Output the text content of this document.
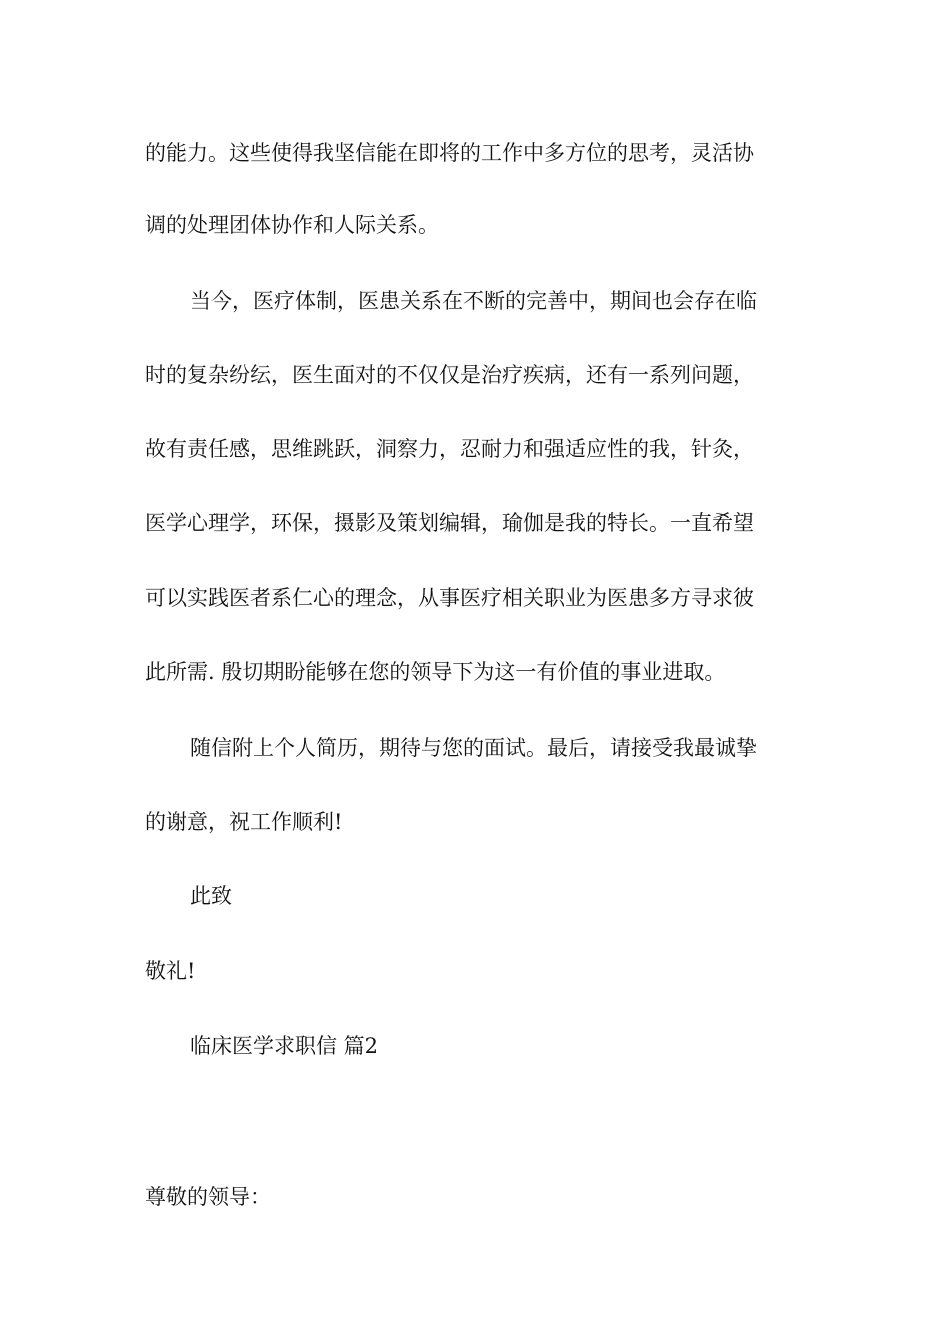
的能力。这些使得我坚信能在即将的工作中多方位的思考，灵活协

调的处理团体协作和人际关系。

当今，医疗体制，医患关系在不断的完善中，期间也会存在临

时的复杂纷纭，医生面对的不仅仅是治疗疾病，还有一系列问题，

故有责任感，思维跳跃，洞察力，忍耐力和强适应性的我，针灸，

医学心理学，环保，摄影及策划编辑，瑜伽是我的特长。一直希望

可以实践医者系仁心的理念，从事医疗相关职业为医患多方寻求彼

此所需. 殷切期盼能够在您的领导下为这一有价值的事业进取。

随信附上个人简历，期待与您的面试。最后，请接受我最诚挚

的谢意，祝工作顺利!

此致

敬礼!

临床医学求职信 篇2

尊敬的领导：
